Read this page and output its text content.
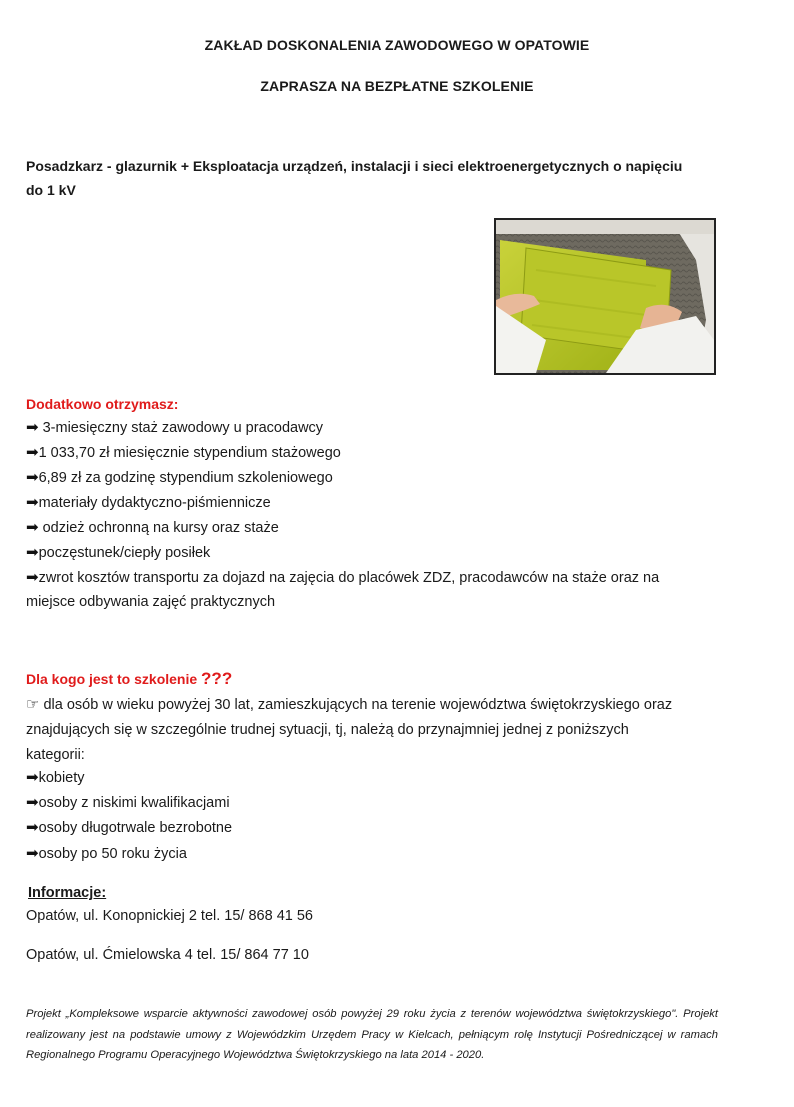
ZAKŁAD DOSKONALENIA ZAWODOWEGO W OPATOWIE
ZAPRASZA NA BEZPŁATNE SZKOLENIE
Posadzkarz - glazurnik + Eksploatacja urządzeń, instalacji i sieci elektroenergetycznych o napięciu
do 1 kV
Dodatkowo otrzymasz:
➡ 3-miesięczny staż zawodowy u pracodawcy
➡1 033,70 zł miesięcznie stypendium stażowego
➡6,89 zł za godzinę stypendium szkoleniowego
➡materiały dydaktyczno-piśmiennicze
➡ odzież ochronną na kursy oraz staże
➡poczęstunek/ciepły posiłek
➡zwrot kosztów transportu za dojazd na zajęcia do placówek ZDZ, pracodawców na staże oraz na
miejsce odbywania zajęć praktycznych
Dla kogo jest to szkolenie ???
☞ dla osób w wieku powyżej 30 lat, zamieszkujących na terenie województwa świętokrzyskiego oraz
znajdujących się w szczególnie trudnej sytuacji, tj, należą do przynajmniej jednej z poniższych
kategorii:
➡kobiety
➡osoby z niskimi kwalifikacjami
➡osoby długotrwale bezrobotne
➡osoby po 50 roku życia
Informacje:
Opatów, ul. Konopnickiej 2 tel. 15/ 868 41 56
Opatów, ul. Ćmielowska 4 tel. 15/ 864 77 10
Projekt „Kompleksowe wsparcie aktywności zawodowej osób powyżej 29 roku życia z terenów województwa świętokrzyskiego". Projekt realizowany jest na podstawie umowy z Wojewódzkim Urzędem Pracy w Kielcach, pełniącym rolę Instytucji Pośredniczącej w ramach Regionalnego Programu Operacyjnego Województwa Świętokrzyskiego na lata 2014 - 2020.
